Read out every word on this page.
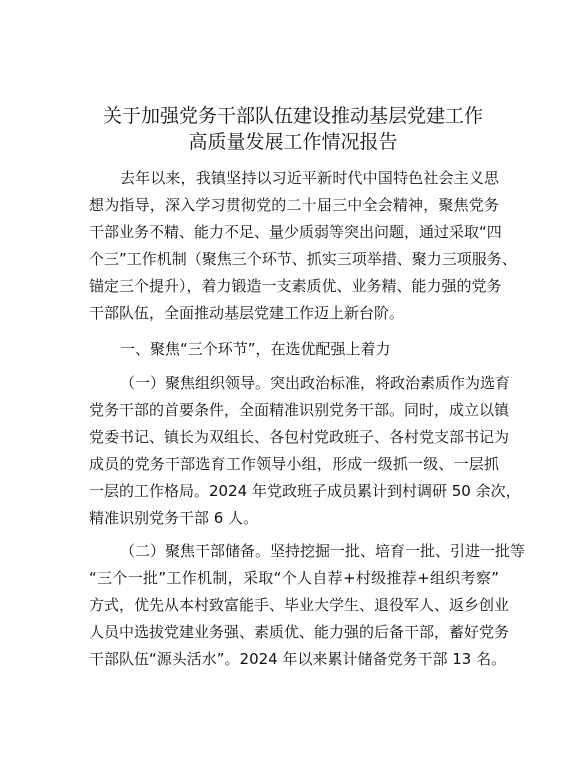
关于加强党务干部队伍建设推动基层党建工作
高质量发展工作情况报告

去年以来，我镇坚持以习近平新时代中国特色社会主义思

想为指导，深入学习贯彻党的二十届三中全会精神，聚焦党务

干部业务不精、能力不足、量少质弱等突出问题，通过采取“四

个三”工作机制（聚焦三个环节、抓实三项举措、聚力三项服务、

锚定三个提升），着力锻造一支素质优、业务精、能力强的党务

干部队伍，全面推动基层党建工作迈上新台阶。

一、聚焦“三个环节”，在选优配强上着力

（一）聚焦组织领导。突出政治标准，将政治素质作为选育

党务干部的首要条件，全面精准识别党务干部。同时，成立以镇

党委书记、镇长为双组长、各包村党政班子、各村党支部书记为

成员的党务干部选育工作领导小组，形成一级抓一级、一层抓

一层的工作格局。2024 年党政班子成员累计到村调研 50 余次，

精准识别党务干部 6 人。

（二）聚焦干部储备。坚持挖掘一批、培育一批、引进一批等

“三个一批”工作机制，采取“个人自荐+村级推荐+组织考察”

方式，优先从本村致富能手、毕业大学生、退役军人、返乡创业

人员中选拔党建业务强、素质优、能力强的后备干部，蓄好党务

干部队伍“源头活水”。2024 年以来累计储备党务干部 13 名。
